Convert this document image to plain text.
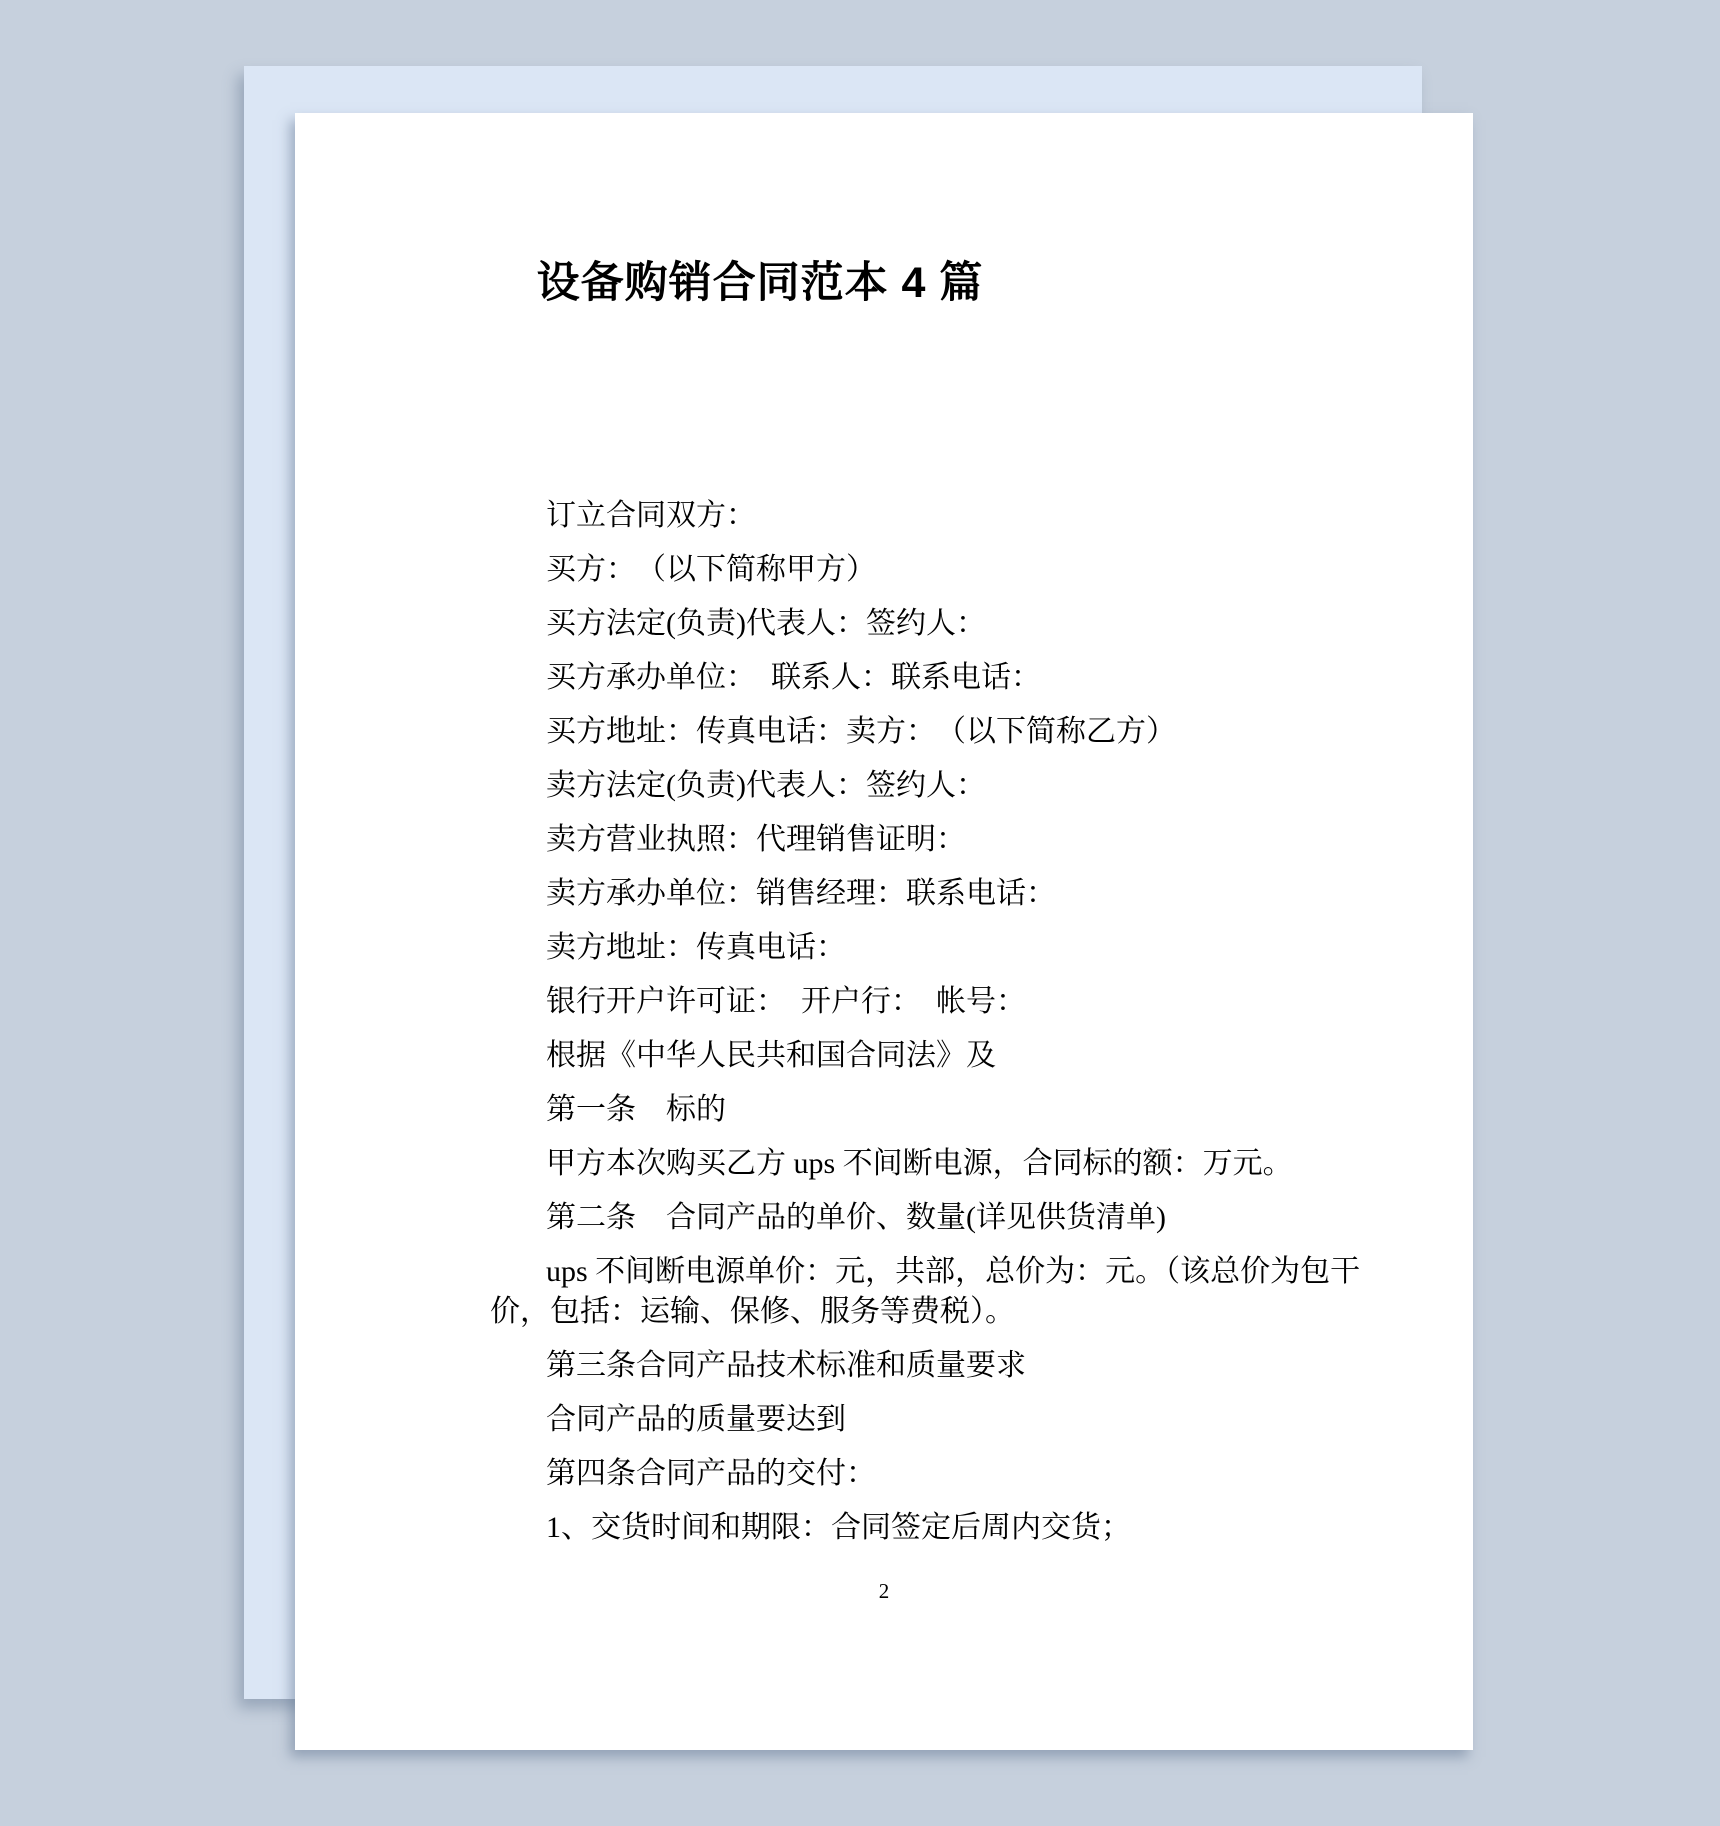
设备购销合同范本 4 篇
订立合同双方：
买方：　（以下简称甲方）
买方法定(负责)代表人：签约人：
买方承办单位：　联系人：联系电话：
买方地址：传真电话：卖方：　（以下简称乙方）
卖方法定(负责)代表人：签约人：
卖方营业执照：代理销售证明：
卖方承办单位：销售经理：联系电话：
卖方地址：传真电话：
银行开户许可证：　开户行：　帐号：
根据《中华人民共和国合同法》及
第一条　标的
甲方本次购买乙方 ups 不间断电源，合同标的额：万元。
第二条　合同产品的单价、数量(详见供货清单)
ups 不间断电源单价：元，共部，总价为：元。（该总价为包干
价，包括：运输、保修、服务等费税）。
第三条合同产品技术标准和质量要求
合同产品的质量要达到
第四条合同产品的交付：
1、交货时间和期限：合同签定后周内交货；
2
